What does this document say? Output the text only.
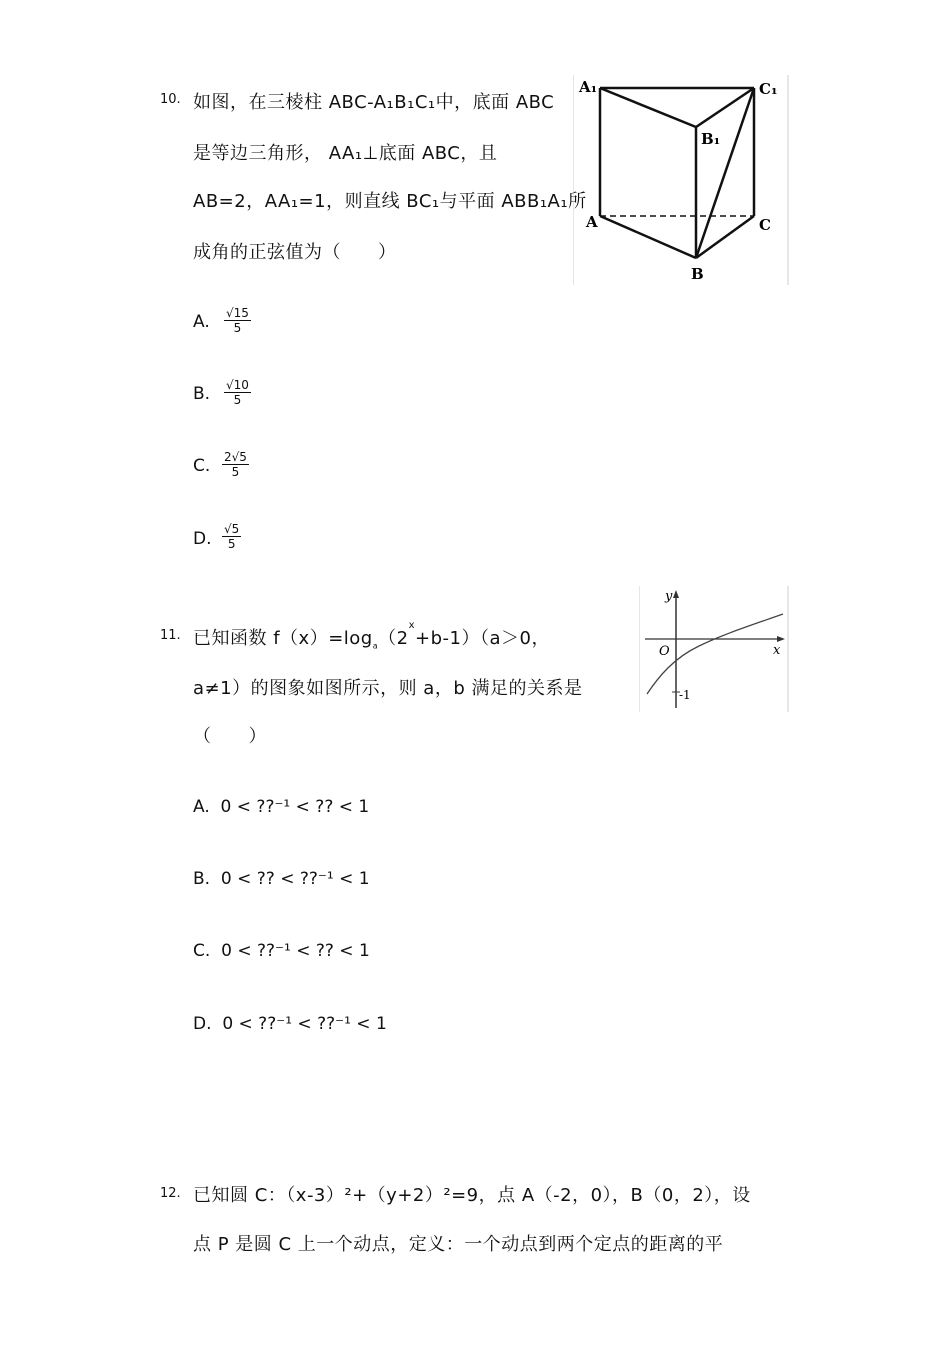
10. 如图，在三棱柱 ABC-A₁B₁C₁中，底面 ABC
是等边三角形， AA₁⊥底面 ABC，且
AB=2，AA₁=1，则直线 BC₁与平面 ABB₁A₁所
成角的正弦值为（　　）
A₁	C₁
B₁
A	C
B
A. $\frac{√15}{5}$
B. $\frac{√10}{5}$
C. $\frac{2√5}{5}$
D. $\frac{√5}{5}$
11. 已知函数 $f(x)=\log_a(2^x+b-1)(a>0$，
a≠1）的图象如图所示，则 a，b 满足的关系是
（　　）
y
x
O
-1
A. 0 < ??⁻¹ < ?? < 1
B. 0 < ?? < ??⁻¹ < 1
C. 0 < ??⁻¹ < ?? < 1
D. 0 < ??⁻¹ < ??⁻¹ < 1
12. 已知圆 C：（x-3）²+（y+2）²=9，点 A（-2，0），B（0，2），设
点 P 是圆 C 上一个动点，定义：一个动点到两个定点的距离的平
